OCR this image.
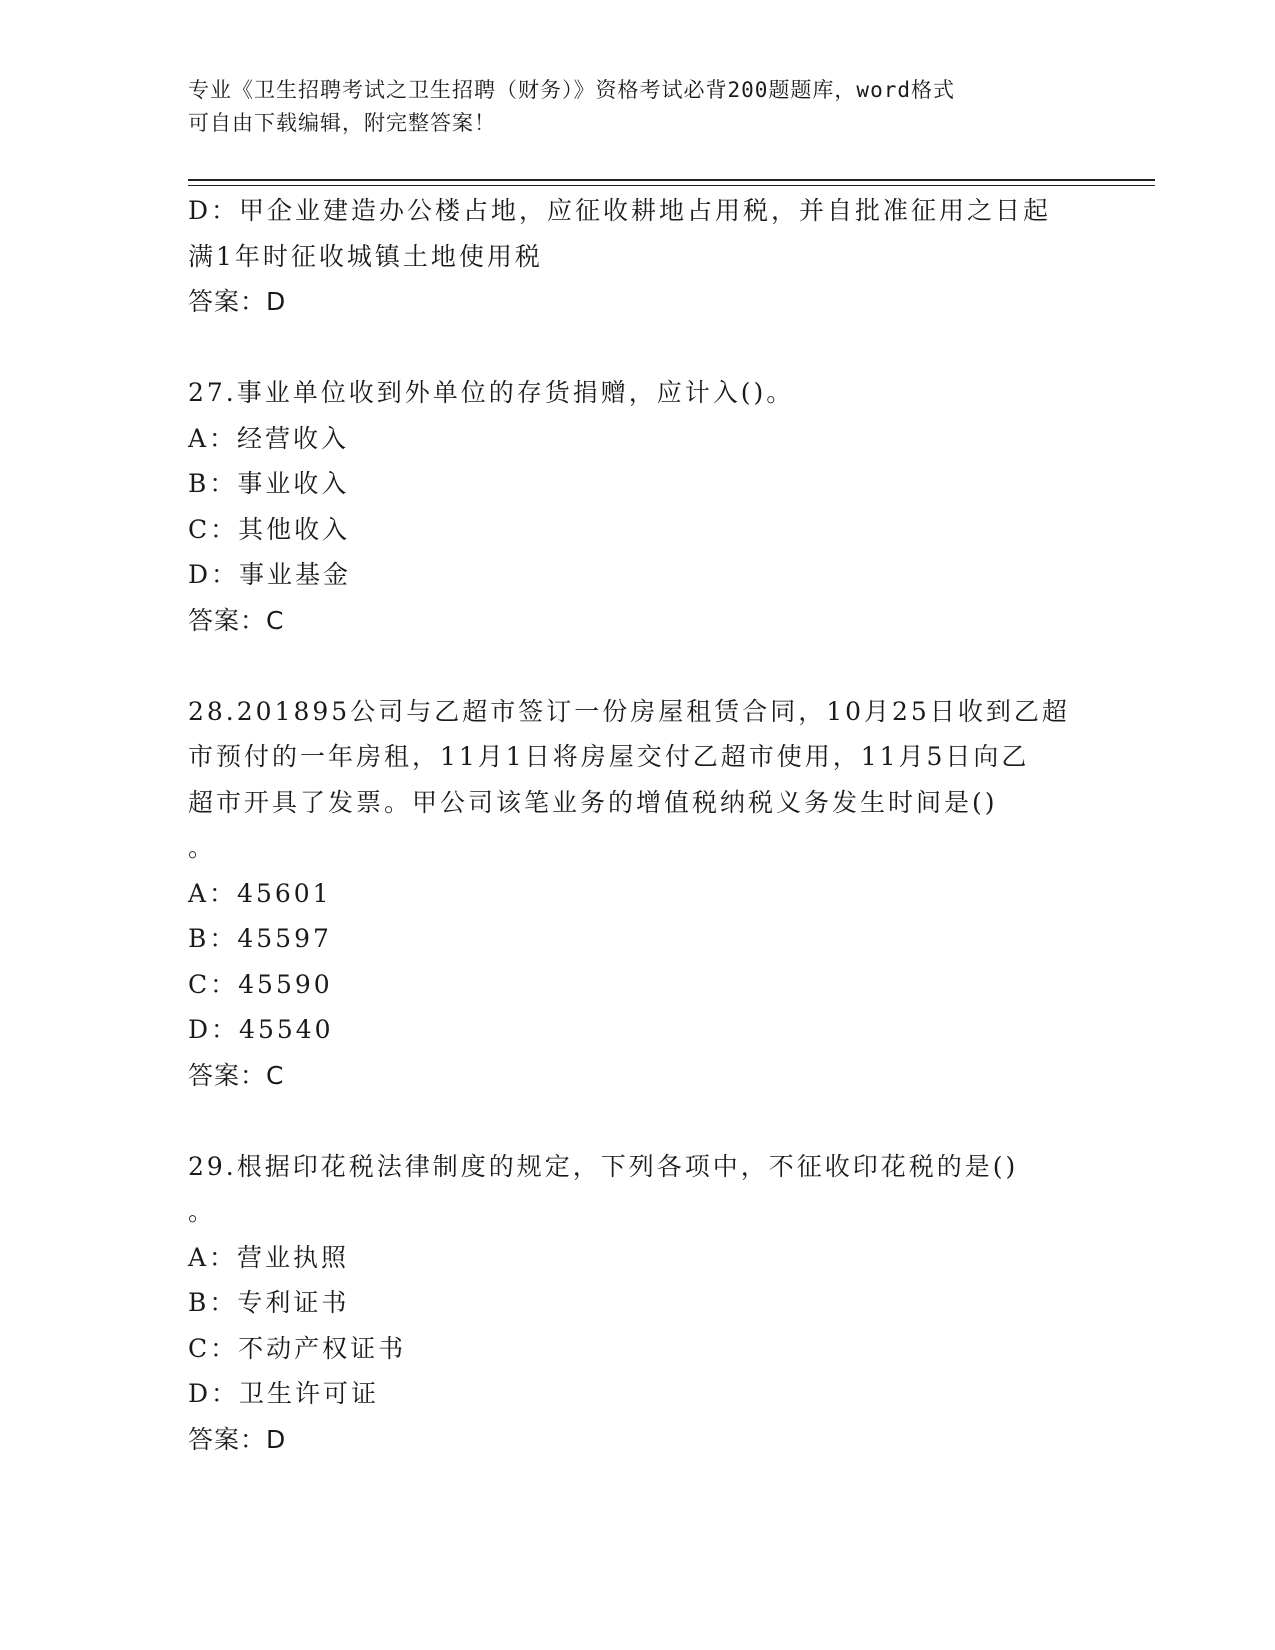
专业《卫生招聘考试之卫生招聘（财务）》资格考试必背200题题库，word格式
可自由下载编辑，附完整答案！
D：甲企业建造办公楼占地，应征收耕地占用税，并自批准征用之日起
满1年时征收城镇土地使用税
答案：D
27.事业单位收到外单位的存货捐赠，应计入()。
A：经营收入
B：事业收入
C：其他收入
D：事业基金
答案：C
28.201895公司与乙超市签订一份房屋租赁合同，10月25日收到乙超
市预付的一年房租，11月1日将房屋交付乙超市使用，11月5日向乙
超市开具了发票。甲公司该笔业务的增值税纳税义务发生时间是()
。
A：45601
B：45597
C：45590
D：45540
答案：C
29.根据印花税法律制度的规定，下列各项中，不征收印花税的是()
。
A：营业执照
B：专利证书
C：不动产权证书
D：卫生许可证
答案：D
